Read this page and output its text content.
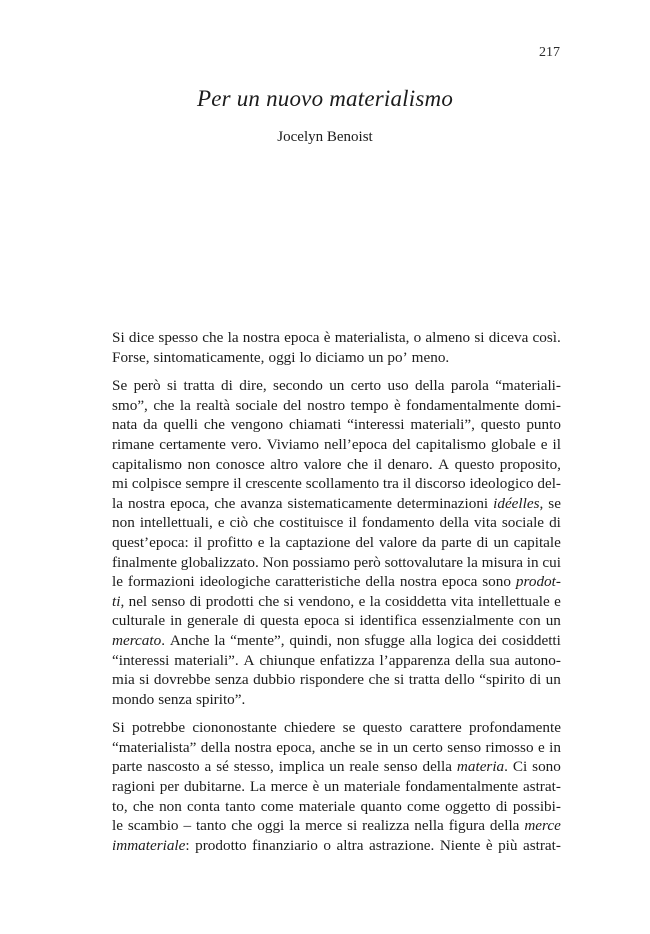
217
Per un nuovo materialismo

Jocelyn Benoist

Si dice spesso che la nostra epoca è materialista, o almeno si diceva così.
Forse, sintomaticamente, oggi lo diciamo un po’ meno.
Se però si tratta di dire, secondo un certo uso della parola “materiali-
smo”, che la realtà sociale del nostro tempo è fondamentalmente domi-
nata da quelli che vengono chiamati “interessi materiali”, questo punto
rimane certamente vero. Viviamo nell’epoca del capitalismo globale e il
capitalismo non conosce altro valore che il denaro. A questo proposito,
mi colpisce sempre il crescente scollamento tra il discorso ideologico del-
la nostra epoca, che avanza sistematicamente determinazioni idéelles, se
non intellettuali, e ciò che costituisce il fondamento della vita sociale di
quest’epoca: il profitto e la captazione del valore da parte di un capitale
finalmente globalizzato. Non possiamo però sottovalutare la misura in cui
le formazioni ideologiche caratteristiche della nostra epoca sono prodot-
ti, nel senso di prodotti che si vendono, e la cosiddetta vita intellettuale e
culturale in generale di questa epoca si identifica essenzialmente con un
mercato. Anche la “mente”, quindi, non sfugge alla logica dei cosiddetti
“interessi materiali”. A chiunque enfatizza l’apparenza della sua autono-
mia si dovrebbe senza dubbio rispondere che si tratta dello “spirito di un
mondo senza spirito”.
Si potrebbe ciononostante chiedere se questo carattere profondamente
“materialista” della nostra epoca, anche se in un certo senso rimosso e in
parte nascosto a sé stesso, implica un reale senso della materia. Ci sono
ragioni per dubitarne. La merce è un materiale fondamentalmente astrat-
to, che non conta tanto come materiale quanto come oggetto di possibi-
le scambio – tanto che oggi la merce si realizza nella figura della merce
immateriale: prodotto finanziario o altra astrazione. Niente è più astrat-
